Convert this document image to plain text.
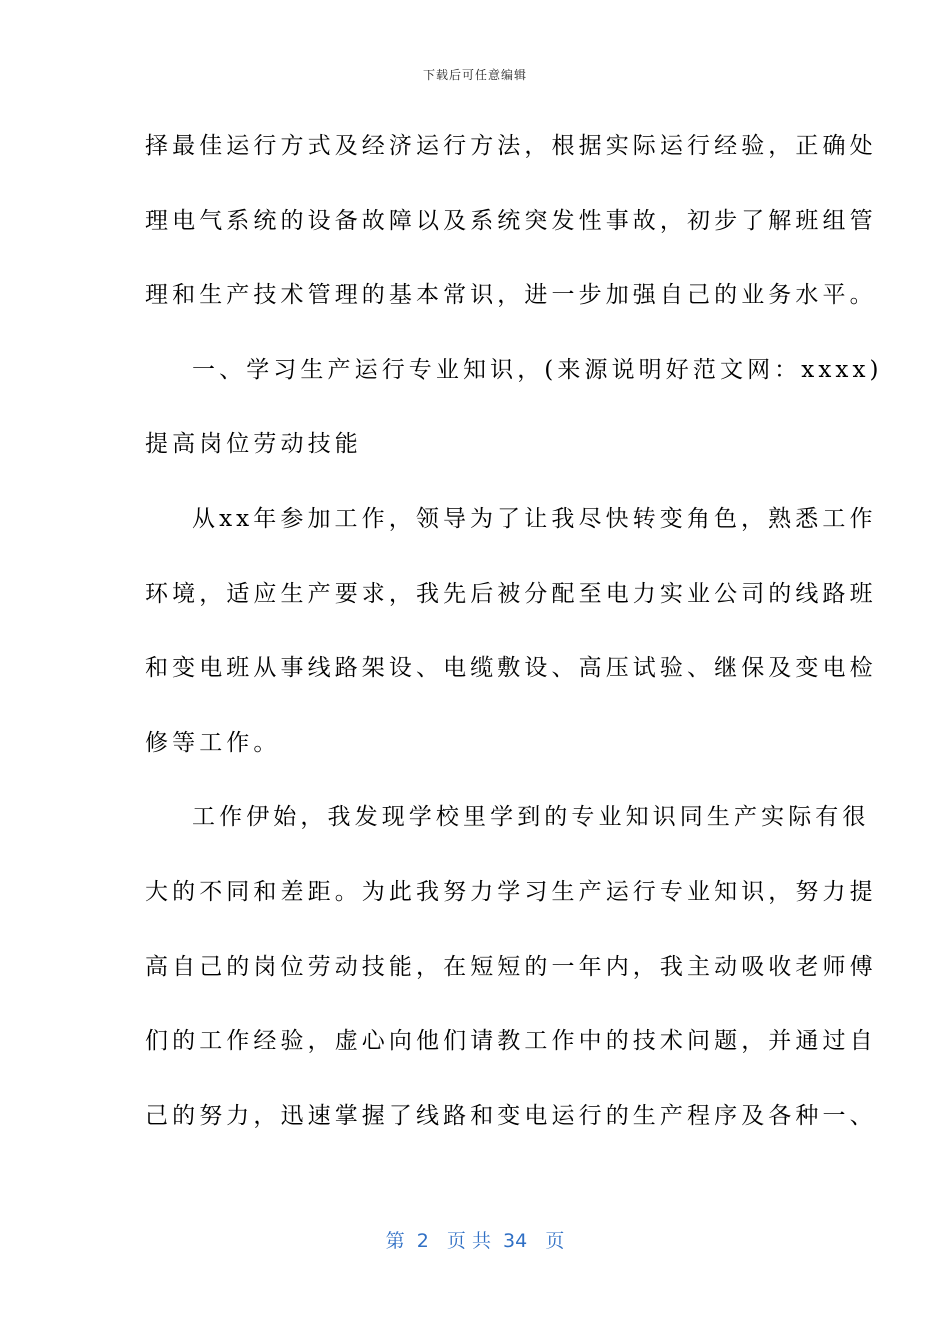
下载后可任意编辑
择最佳运行方式及经济运行方法，根据实际运行经验，正确处
理电气系统的设备故障以及系统突发性事故，初步了解班组管
理和生产技术管理的基本常识，进一步加强自己的业务水平。
一、学习生产运行专业知识，(来源说明好范文网：xxxx)
提高岗位劳动技能
从xx年参加工作，领导为了让我尽快转变角色，熟悉工作
环境，适应生产要求，我先后被分配至电力实业公司的线路班
和变电班从事线路架设、电缆敷设、高压试验、继保及变电检
修等工作。
工作伊始，我发现学校里学到的专业知识同生产实际有很
大的不同和差距。为此我努力学习生产运行专业知识，努力提
高自己的岗位劳动技能，在短短的一年内，我主动吸收老师傅
们的工作经验，虚心向他们请教工作中的技术问题，并通过自
己的努力，迅速掌握了线路和变电运行的生产程序及各种一、
第  2   页 共  34   页
